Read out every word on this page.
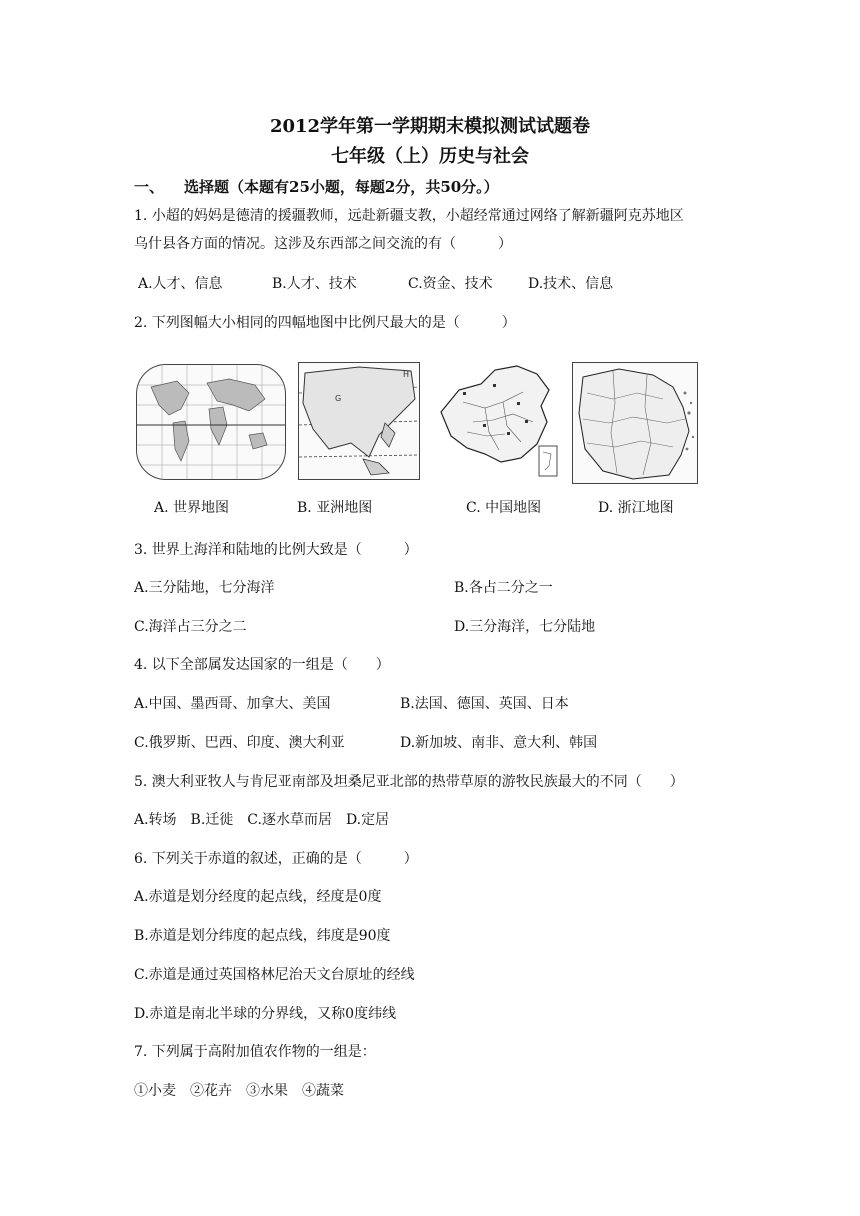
2012学年第一学期期末模拟测试试题卷
七年级（上）历史与社会
一、 选择题（本题有25小题，每题2分，共50分。）
1. 小超的妈妈是德清的援疆教师，远赴新疆支教，小超经常通过网络了解新疆阿克苏地区
乌什县各方面的情况。这涉及东西部之间交流的有（　　　）
A.人才、信息	B.人才、技术	C.资金、技术	D.技术、信息
2. 下列图幅大小相同的四幅地图中比例尺最大的是（　　　）
A. 世界地图
G
H
B. 亚洲地图	C. 中国地图	D. 浙江地图
3. 世界上海洋和陆地的比例大致是（　　　）
A.三分陆地，七分海洋	B.各占二分之一
C.海洋占三分之二	D.三分海洋，七分陆地
4. 以下全部属发达国家的一组是（　　）
A.中国、墨西哥、加拿大、美国	B.法国、德国、英国、日本
C.俄罗斯、巴西、印度、澳大利亚	D.新加坡、南非、意大利、韩国
5. 澳大利亚牧人与肯尼亚南部及坦桑尼亚北部的热带草原的游牧民族最大的不同（　　）
A.转场　B.迁徙　C.逐水草而居　D.定居
6. 下列关于赤道的叙述，正确的是（　　　）
A.赤道是划分经度的起点线，经度是0度
B.赤道是划分纬度的起点线，纬度是90度
C.赤道是通过英国格林尼治天文台原址的经线
D.赤道是南北半球的分界线，又称0度纬线
7. 下列属于高附加值农作物的一组是：
①小麦　②花卉　③水果　④蔬菜
